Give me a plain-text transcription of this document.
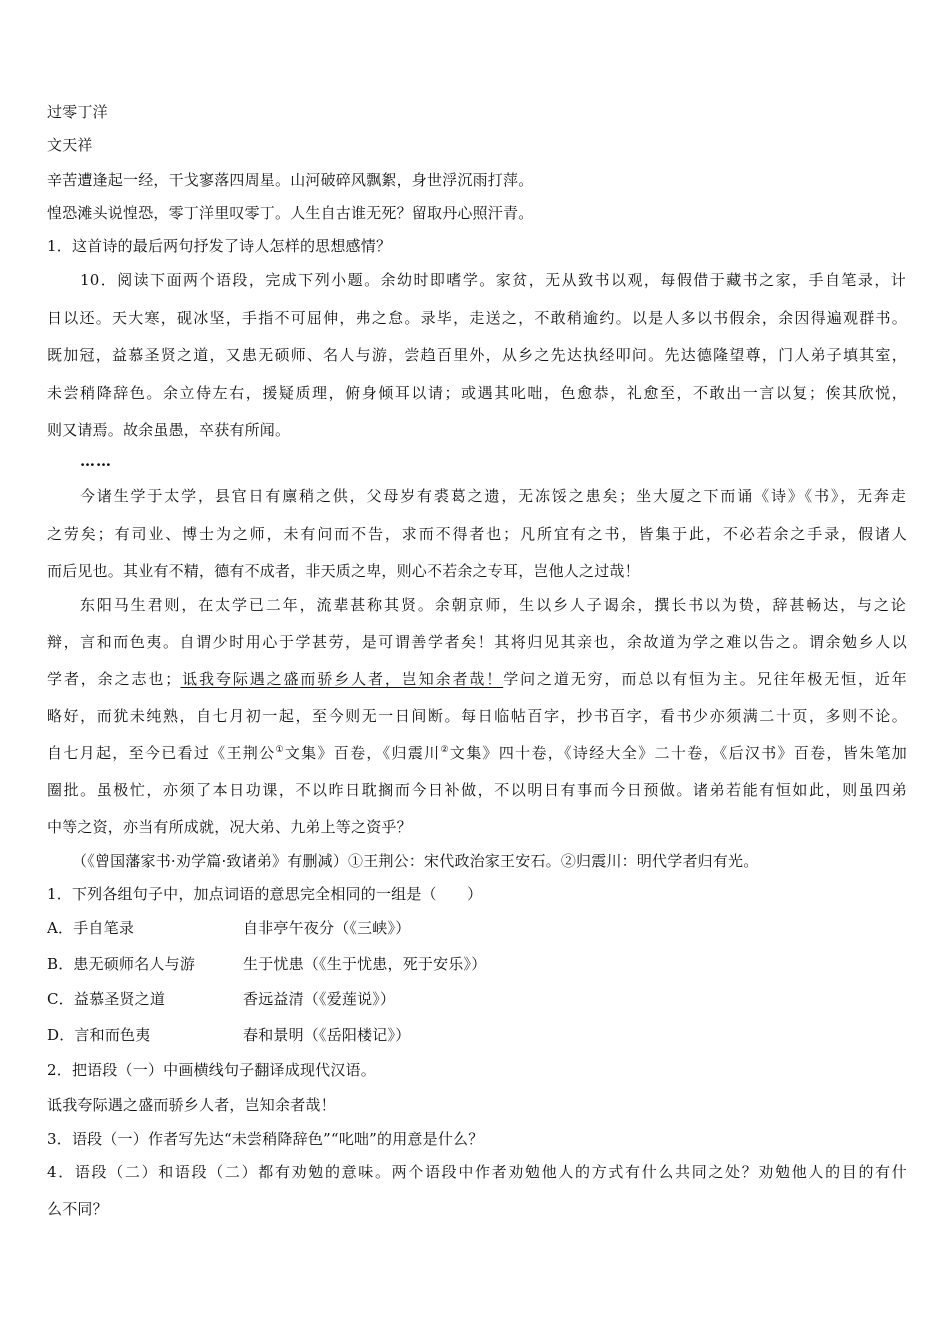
过零丁洋
文天祥
辛苦遭逢起一经，干戈寥落四周星。山河破碎风飘絮，身世浮沉雨打萍。
惶恐滩头说惶恐，零丁洋里叹零丁。人生自古谁无死？留取丹心照汗青。
1．这首诗的最后两句抒发了诗人怎样的思想感情？
10．阅读下面两个语段，完成下列小题。余幼时即嗜学。家贫，无从致书以观，每假借于藏书之家，手自笔录，计
日以还。天大寒，砚冰坚，手指不可屈伸，弗之怠。录毕，走送之，不敢稍逾约。以是人多以书假余，余因得遍观群书。
既加冠，益慕圣贤之道，又患无硕师、名人与游，尝趋百里外，从乡之先达执经叩问。先达德隆望尊，门人弟子填其室，
未尝稍降辞色。余立侍左右，援疑质理，俯身倾耳以请；或遇其叱咄，色愈恭，礼愈至，不敢出一言以复；俟其欣悦，
则又请焉。故余虽愚，卒获有所闻。
……
今诸生学于太学，县官日有廪稍之供，父母岁有裘葛之遗，无冻馁之患矣；坐大厦之下而诵《诗》《书》，无奔走
之劳矣；有司业、博士为之师，未有问而不告，求而不得者也；凡所宜有之书，皆集于此，不必若余之手录，假诸人
而后见也。其业有不精，德有不成者，非天质之卑，则心不若余之专耳，岂他人之过哉！
东阳马生君则，在太学已二年，流辈甚称其贤。余朝京师，生以乡人子谒余，撰长书以为贽，辞甚畅达，与之论
辩，言和而色夷。自谓少时用心于学甚劳，是可谓善学者矣！其将归见其亲也，余故道为学之难以告之。谓余勉乡人以
学者，余之志也；诋我夸际遇之盛而骄乡人者，岂知余者哉！学问之道无穷，而总以有恒为主。兄往年极无恒，近年
略好，而犹未纯熟，自七月初一起，至今则无一日间断。每日临帖百字，抄书百字，看书少亦须满二十页，多则不论。
自七月起，至今已看过《王荆公①文集》百卷，《归震川②文集》四十卷，《诗经大全》二十卷，《后汉书》百卷，皆朱笔加
圈批。虽极忙，亦须了本日功课，不以昨日耽搁而今日补做，不以明日有事而今日预做。诸弟若能有恒如此，则虽四弟
中等之资，亦当有所成就，况大弟、九弟上等之资乎？
（《曾国藩家书·劝学篇·致诸弟》有删减）①王荆公：宋代政治家王安石。②归震川：明代学者归有光。
1．下列各组句子中，加点词语的意思完全相同的一组是（　　）
A．手自笔录	自非亭午夜分（《三峡》）
B．患无硕师名人与游	生于忧患（《生于忧患，死于安乐》）
C．益慕圣贤之道	香远益清（《爱莲说》）
D．言和而色夷	春和景明（《岳阳楼记》）
2．把语段（一）中画横线句子翻译成现代汉语。
诋我夸际遇之盛而骄乡人者，岂知余者哉！
3．语段（一）作者写先达“未尝稍降辞色”“叱咄”的用意是什么？
4．语段（二）和语段（二）都有劝勉的意味。两个语段中作者劝勉他人的方式有什么共同之处？劝勉他人的目的有什
么不同？
